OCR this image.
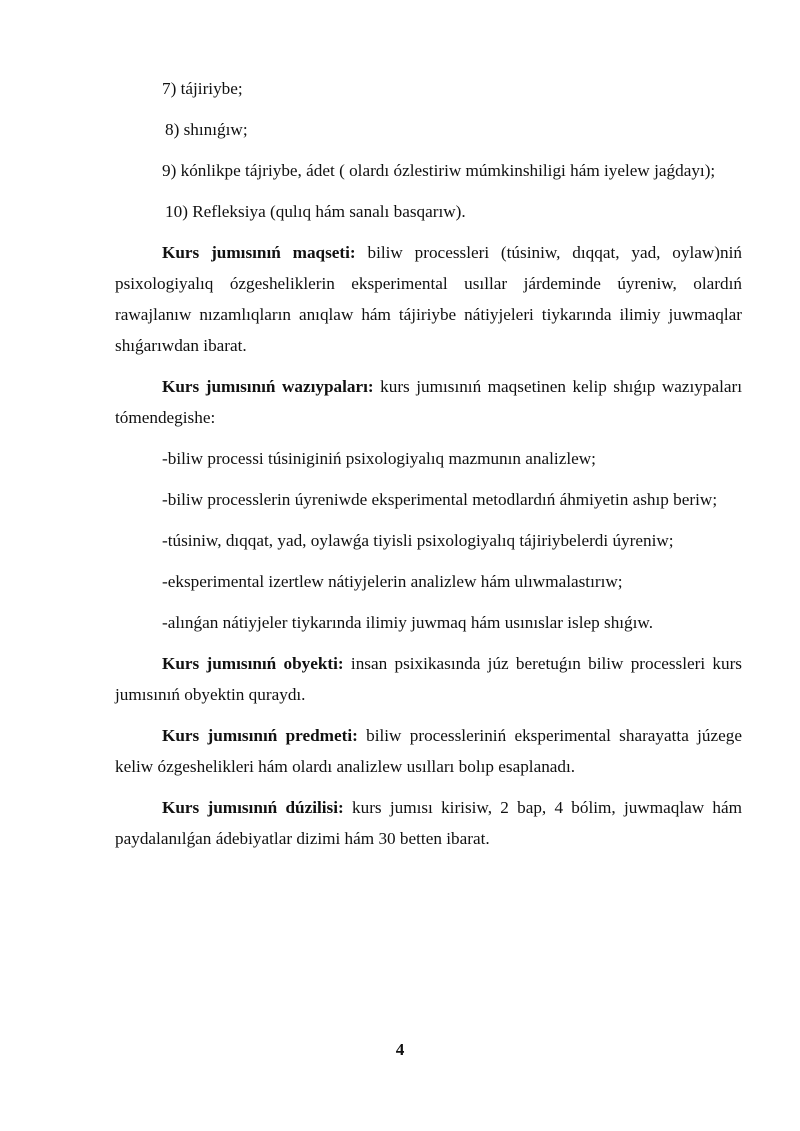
7) tájiriybe;

8) shınıǵıw;

9) kónlikpe tájriybe, ádet ( olardı ózlestiriw múmkinshiligi hám iyelew jaǵdayı);

10) Refleksiya (qulıq hám sanalı basqarıw).

Kurs jumısınıń maqseti: biliw processleri (túsiniw, dıqqat, yad, oylaw)niń psixologiyalıq ózgesheliklerin eksperimental usıllar járdeminde úyreniw, olardıń rawajlanıw nızamlıqların anıqlaw hám tájiriybe nátiyjeleri tiykarında ilimiy juwmaqlar shıǵarıwdan ibarat.

Kurs jumısınıń wazıypaları: kurs jumısınıń maqsetinen kelip shıǵıp wazıypaları tómendegishe:

-biliw processi túsiniginiń psixologiyalıq mazmunın analizlew;

-biliw processlerin úyreniwde eksperimental metodlardıń áhmiyetin ashıp beriw;

-túsiniw, dıqqat, yad, oylawǵa tiyisli psixologiyalıq tájiriybelerdi úyreniw;

-eksperimental izertlew nátiyjelerin analizlew hám ulıwmalastırıw;

-alınǵan nátiyjeler tiykarında ilimiy juwmaq hám usınıslar islep shıǵıw.

Kurs jumısınıń obyekti: insan psixikasında júz beretuǵın biliw processleri kurs jumısınıń obyektin quraydı.

Kurs jumısınıń predmeti: biliw processleriniń eksperimental sharayatta júzege keliw ózgeshelikleri hám olardı analizlew usılları bolıp esaplanadı.

Kurs jumısınıń dúzilisi: kurs jumısı kirisiw, 2 bap, 4 bólim, juwmaqlaw hám paydalanılǵan ádebiyatlar dizimi hám 30 betten ibarat.

4
